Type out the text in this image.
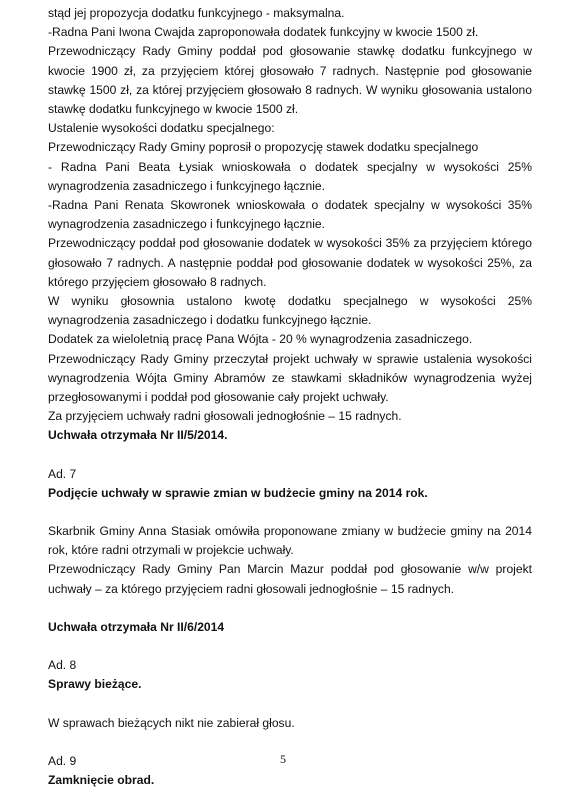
stąd jej propozycja dodatku funkcyjnego - maksymalna.

-Radna Pani Iwona Cwajda zaproponowała dodatek funkcyjny w kwocie 1500 zł.

Przewodniczący Rady Gminy poddał pod głosowanie stawkę dodatku funkcyjnego w kwocie 1900 zł, za przyjęciem której głosowało 7 radnych. Następnie pod głosowanie stawkę 1500 zł, za której przyjęciem głosowało 8 radnych. W wyniku głosowania ustalono stawkę dodatku funkcyjnego w kwocie 1500 zł.

Ustalenie wysokości dodatku specjalnego:

Przewodniczący Rady Gminy poprosił o propozycję stawek dodatku specjalnego

- Radna Pani Beata Łysiak wnioskowała o dodatek specjalny w wysokości 25% wynagrodzenia zasadniczego i funkcyjnego łącznie.

-Radna Pani Renata Skowronek wnioskowała o dodatek specjalny w wysokości 35% wynagrodzenia zasadniczego i funkcyjnego łącznie.

Przewodniczący poddał pod głosowanie dodatek w wysokości 35% za przyjęciem którego głosowało 7 radnych. A następnie poddał pod głosowanie dodatek w wysokości 25%, za którego przyjęciem głosowało 8 radnych.

W wyniku głosownia ustalono kwotę dodatku specjalnego w wysokości 25% wynagrodzenia zasadniczego i dodatku funkcyjnego łącznie.

Dodatek za wieloletnią pracę Pana Wójta - 20 % wynagrodzenia zasadniczego.

Przewodniczący Rady Gminy przeczytał projekt uchwały w sprawie ustalenia wysokości wynagrodzenia Wójta Gminy Abramów ze stawkami składników wynagrodzenia wyżej przegłosowanymi i poddał pod głosowanie cały projekt uchwały.

Za przyjęciem uchwały radni głosowali jednogłośnie – 15 radnych.

Uchwała otrzymała Nr II/5/2014.

Ad. 7

Podjęcie uchwały w sprawie zmian w budżecie gminy na 2014 rok.

Skarbnik Gminy Anna Stasiak omówiła proponowane zmiany w budżecie gminy na 2014 rok, które radni otrzymali w projekcie uchwały.

Przewodniczący Rady Gminy Pan Marcin Mazur poddał pod głosowanie w/w projekt uchwały – za którego przyjęciem radni głosowali jednogłośnie – 15 radnych.

Uchwała otrzymała Nr II/6/2014

Ad. 8

Sprawy bieżące.

W sprawach bieżących nikt nie zabierał głosu.

Ad. 9

Zamknięcie obrad.

5
